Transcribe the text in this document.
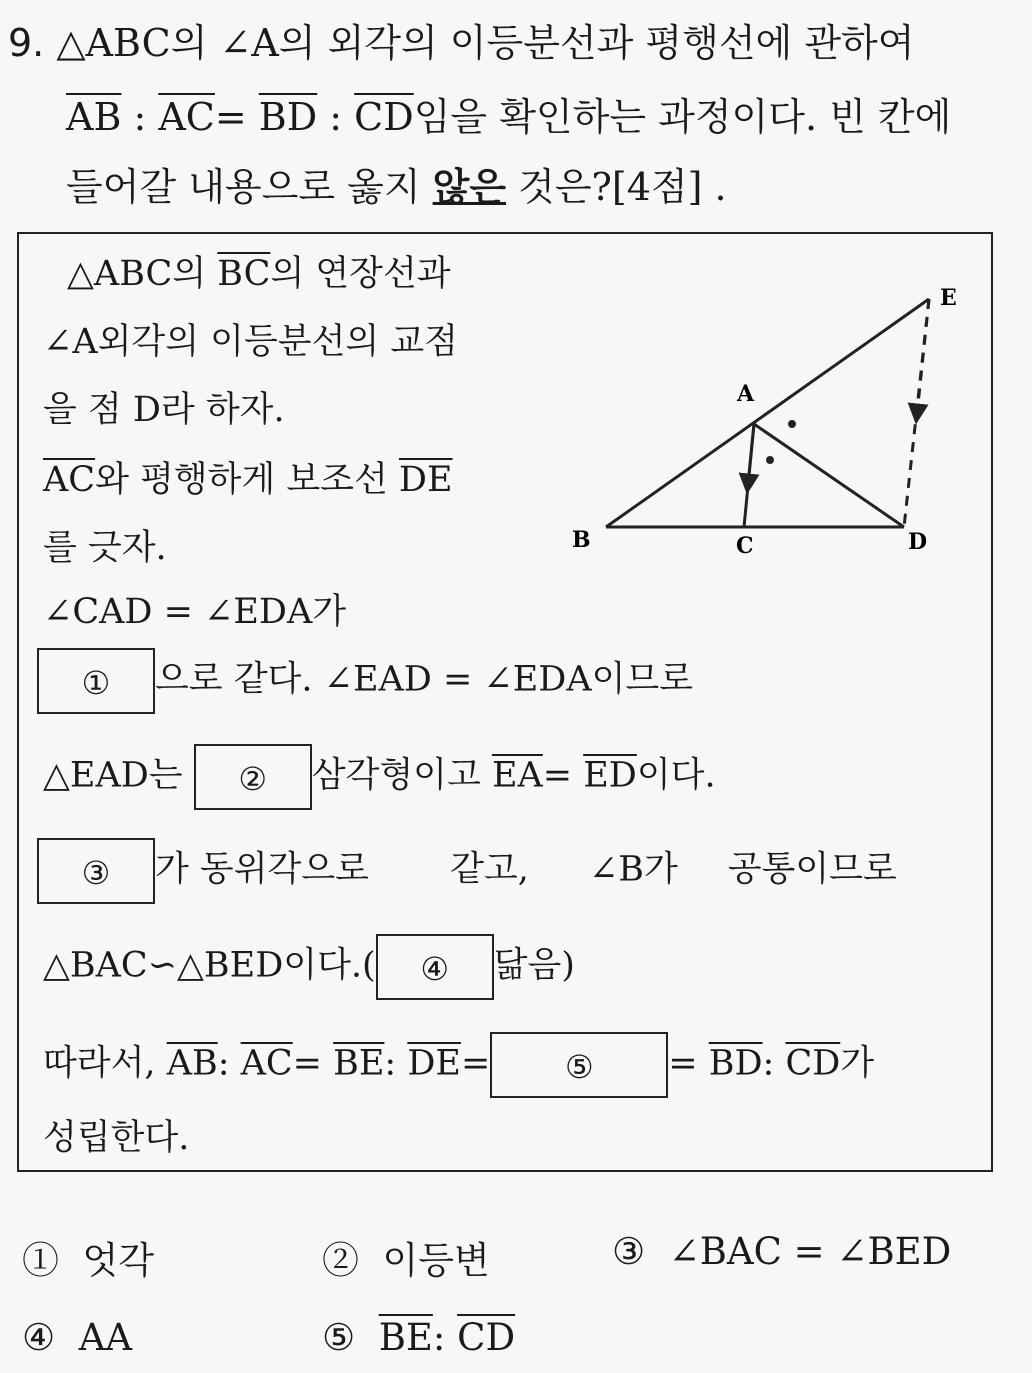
9. △ABC의 ∠A의 외각의 이등분선과 평행선에 관하여
$\overline{AB}$ : $\overline{AC}= \overline{BD}$ : $\overline{CD}$임을 확인하는 과정이다. 빈 칸에
들어갈 내용으로 옳지 않은 것은?[4점] .
△ABC의 $\overline{BC}$의 연장선과
∠A외각의 이등분선의 교점
을 점 D라 하자.
$\overline{AC}$와 평행하게 보조선 $\overline{DE}$
를 긋자.
∠CAD = ∠EDA가
① 으로 같다. ∠EAD = ∠EDA이므로
△EAD는 ② 삼각형이고 $\overline{EA}= \overline{ED}$이다.
③ 가 동위각으로 같고, ∠B가 공통이므로
△BAC∽△BED이다.( ④ 닮음)
따라서, $\overline{AB}$: $\overline{AC}= \overline{BE}$: $\overline{DE}=$ ⑤ = $\overline{BD}$: $\overline{CD}$가
성립한다.
A
B	C	D
E
① 엇각	② 이등변	③ ∠BAC = ∠BED
④ AA	⑤ $\overline{BE}$: $\overline{CD}$
